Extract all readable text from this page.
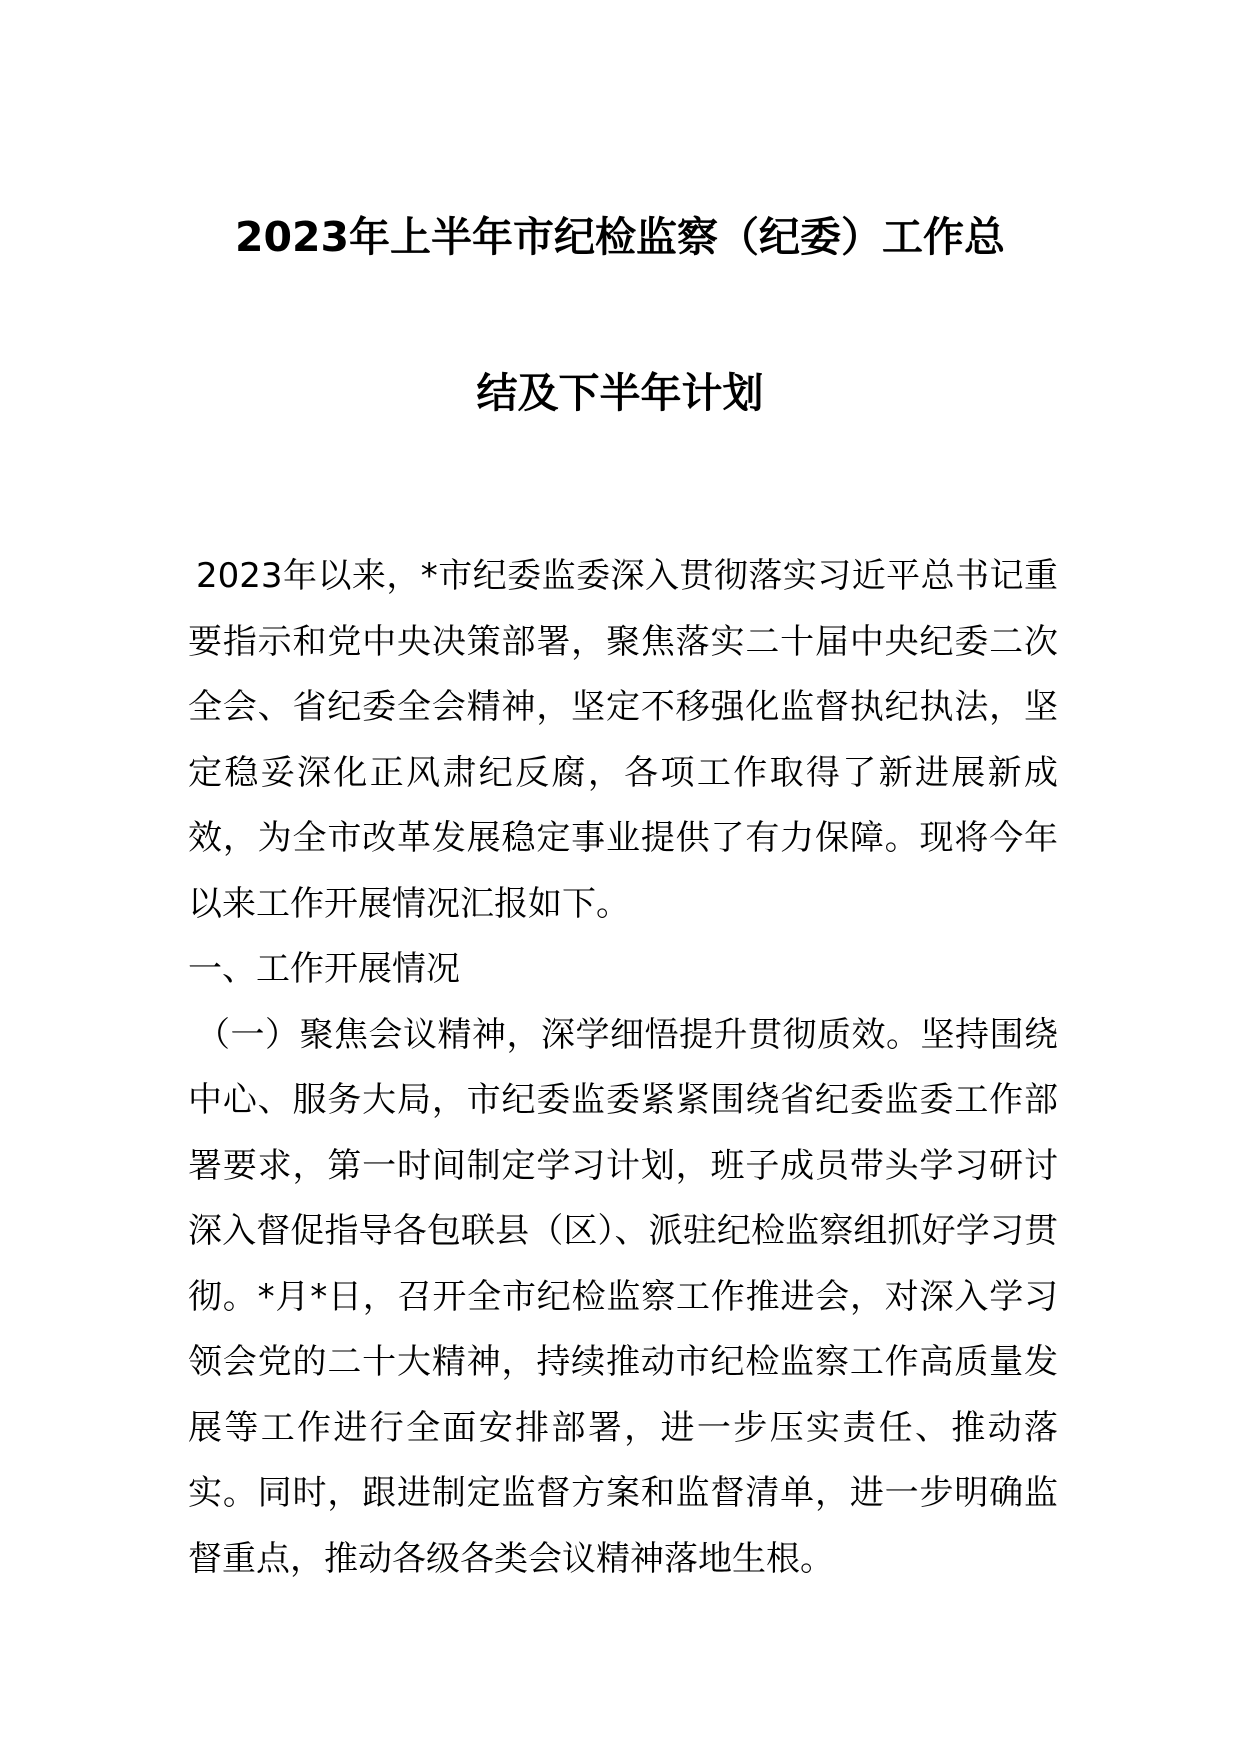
2023年上半年市纪检监察（纪委）工作总
结及下半年计划

2023年以来，*市纪委监委深入贯彻落实习近平总书记重要指示和党中央决策部署，聚焦落实二十届中央纪委二次全会、省纪委全会精神，坚定不移强化监督执纪执法，坚定稳妥深化正风肃纪反腐，各项工作取得了新进展新成效，为全市改革发展稳定事业提供了有力保障。现将今年以来工作开展情况汇报如下。

一、工作开展情况

（一）聚焦会议精神，深学细悟提升贯彻质效。坚持围绕中心、服务大局，市纪委监委紧紧围绕省纪委监委工作部署要求，第一时间制定学习计划，班子成员带头学习研讨深入督促指导各包联县（区）、派驻纪检监察组抓好学习贯彻。*月*日，召开全市纪检监察工作推进会，对深入学习领会党的二十大精神，持续推动市纪检监察工作高质量发展等工作进行全面安排部署，进一步压实责任、推动落实。同时，跟进制定监督方案和监督清单，进一步明确监督重点，推动各级各类会议精神落地生根。
